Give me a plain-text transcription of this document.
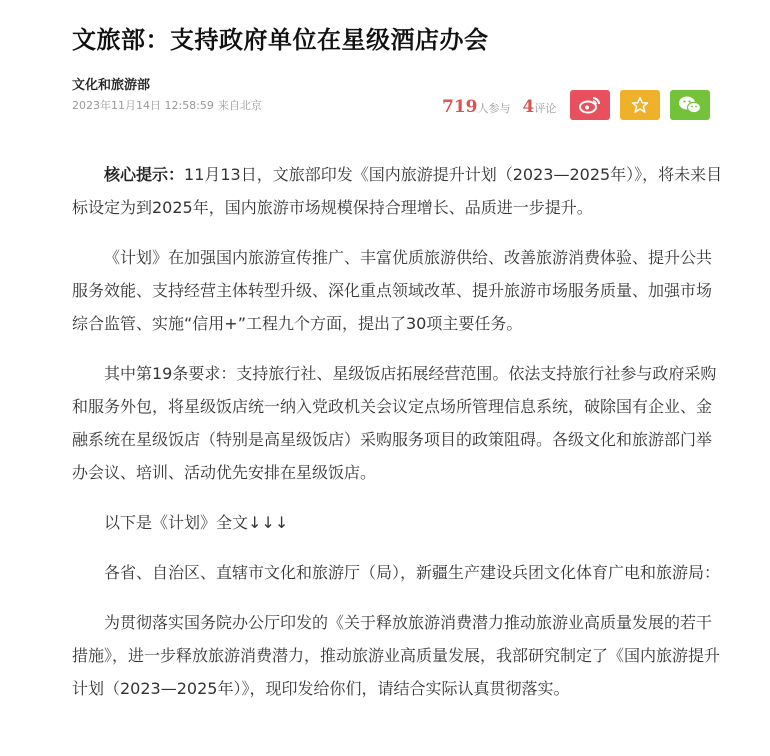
文旅部：支持政府单位在星级酒店办会
文化和旅游部
2023年11月14日 12:58:59 来自北京	719人参与 4评论

核心提示：11月13日，文旅部印发《国内旅游提升计划（2023—2025年）》，将未来目标设定为到2025年，国内旅游市场规模保持合理增长、品质进一步提升。

《计划》在加强国内旅游宣传推广、丰富优质旅游供给、改善旅游消费体验、提升公共服务效能、支持经营主体转型升级、深化重点领域改革、提升旅游市场服务质量、加强市场综合监管、实施“信用+”工程九个方面，提出了30项主要任务。

其中第19条要求：支持旅行社、星级饭店拓展经营范围。依法支持旅行社参与政府采购和服务外包，将星级饭店统一纳入党政机关会议定点场所管理信息系统，破除国有企业、金融系统在星级饭店（特别是高星级饭店）采购服务项目的政策阻碍。各级文化和旅游部门举办会议、培训、活动优先安排在星级饭店。

以下是《计划》全文↓↓↓

各省、自治区、直辖市文化和旅游厅（局），新疆生产建设兵团文化体育广电和旅游局：

为贯彻落实国务院办公厅印发的《关于释放旅游消费潜力推动旅游业高质量发展的若干措施》，进一步释放旅游消费潜力，推动旅游业高质量发展，我部研究制定了《国内旅游提升计划（2023—2025年）》，现印发给你们，请结合实际认真贯彻落实。
